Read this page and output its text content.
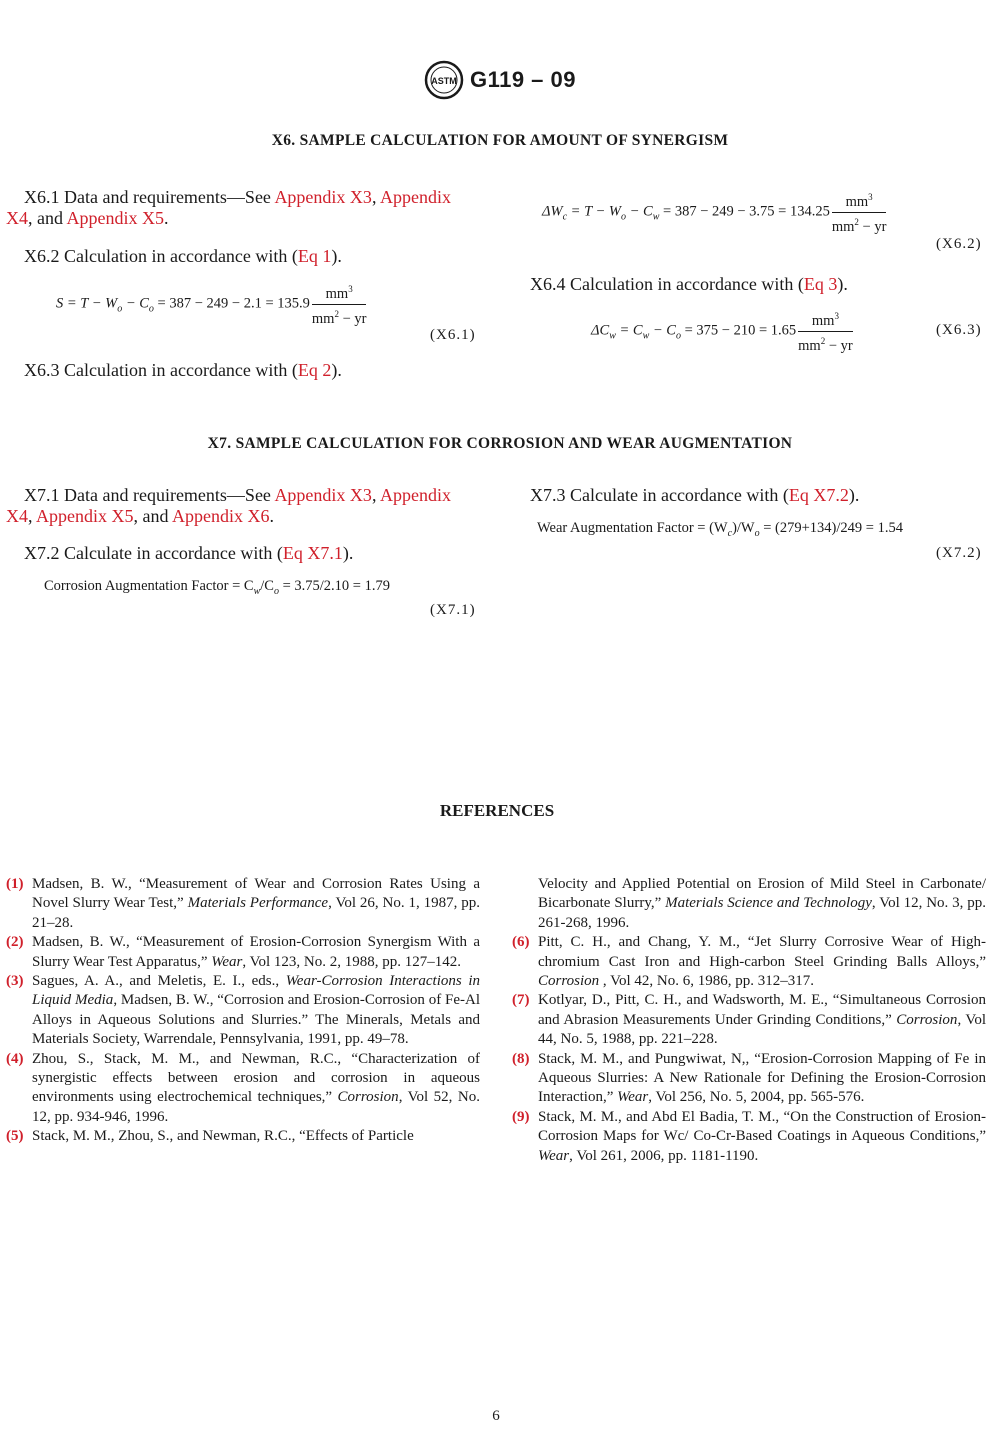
ASTM G119 – 09
X6. SAMPLE CALCULATION FOR AMOUNT OF SYNERGISM
X6.1 Data and requirements—See Appendix X3, Appendix X4, and Appendix X5.
X6.2 Calculation in accordance with (Eq 1).
$S = T - W_o - C_o = 387 - 249 - 2.1 = 135.9 \frac{mm^3}{mm^2 - yr}$
(X6.1)
X6.3 Calculation in accordance with (Eq 2).
$\Delta W_c = T - W_o - C_w = 387 - 249 - 3.75 = 134.25 \frac{mm^3}{mm^2 - yr}$
(X6.2)
X6.4 Calculation in accordance with (Eq 3).
$\Delta C_w = C_w - C_o = 375 - 210 = 1.65 \frac{mm^3}{mm^2 - yr}$	(X6.3)
X7. SAMPLE CALCULATION FOR CORROSION AND WEAR AUGMENTATION
X7.1 Data and requirements—See Appendix X3, Appendix X4, Appendix X5, and Appendix X6.
X7.2 Calculate in accordance with (Eq X7.1).
Corrosion Augmentation Factor = $C_w/C_o = 3.75/2.10 = 1.79$
(X7.1)
X7.3 Calculate in accordance with (Eq X7.2).
Wear Augmentation Factor = $(W_c)/W_o = (279+134)/249 = 1.54$
(X7.2)
REFERENCES
(1) Madsen, B. W., “Measurement of Wear and Corrosion Rates Using a Novel Slurry Wear Test,” Materials Performance, Vol 26, No. 1, 1987, pp. 21–28.
(2) Madsen, B. W., “Measurement of Erosion-Corrosion Synergism With a Slurry Wear Test Apparatus,” Wear, Vol 123, No. 2, 1988, pp. 127–142.
(3) Sagues, A. A., and Meletis, E. I., eds., Wear-Corrosion Interactions in Liquid Media, Madsen, B. W., “Corrosion and Erosion-Corrosion of Fe-Al Alloys in Aqueous Solutions and Slurries.” The Minerals, Metals and Materials Society, Warrendale, Pennsylvania, 1991, pp. 49–78.
(4) Zhou, S., Stack, M. M., and Newman, R.C., “Characterization of synergistic effects between erosion and corrosion in aqueous environments using electrochemical techniques,” Corrosion, Vol 52, No. 12, pp. 934-946, 1996.
(5) Stack, M. M., Zhou, S., and Newman, R.C., “Effects of Particle
Velocity and Applied Potential on Erosion of Mild Steel in Carbonate/ Bicarbonate Slurry,” Materials Science and Technology, Vol 12, No. 3, pp. 261-268, 1996.
(6) Pitt, C. H., and Chang, Y. M., “Jet Slurry Corrosive Wear of High-chromium Cast Iron and High-carbon Steel Grinding Balls Alloys,” Corrosion , Vol 42, No. 6, 1986, pp. 312–317.
(7) Kotlyar, D., Pitt, C. H., and Wadsworth, M. E., “Simultaneous Corrosion and Abrasion Measurements Under Grinding Conditions,” Corrosion, Vol 44, No. 5, 1988, pp. 221–228.
(8) Stack, M. M., and Pungwiwat, N,, “Erosion-Corrosion Mapping of Fe in Aqueous Slurries: A New Rationale for Defining the Erosion-Corrosion Interaction,” Wear, Vol 256, No. 5, 2004, pp. 565-576.
(9) Stack, M. M., and Abd El Badia, T. M., “On the Construction of Erosion-Corrosion Maps for Wc/ Co-Cr-Based Coatings in Aqueous Conditions,” Wear, Vol 261, 2006, pp. 1181-1190.
6
